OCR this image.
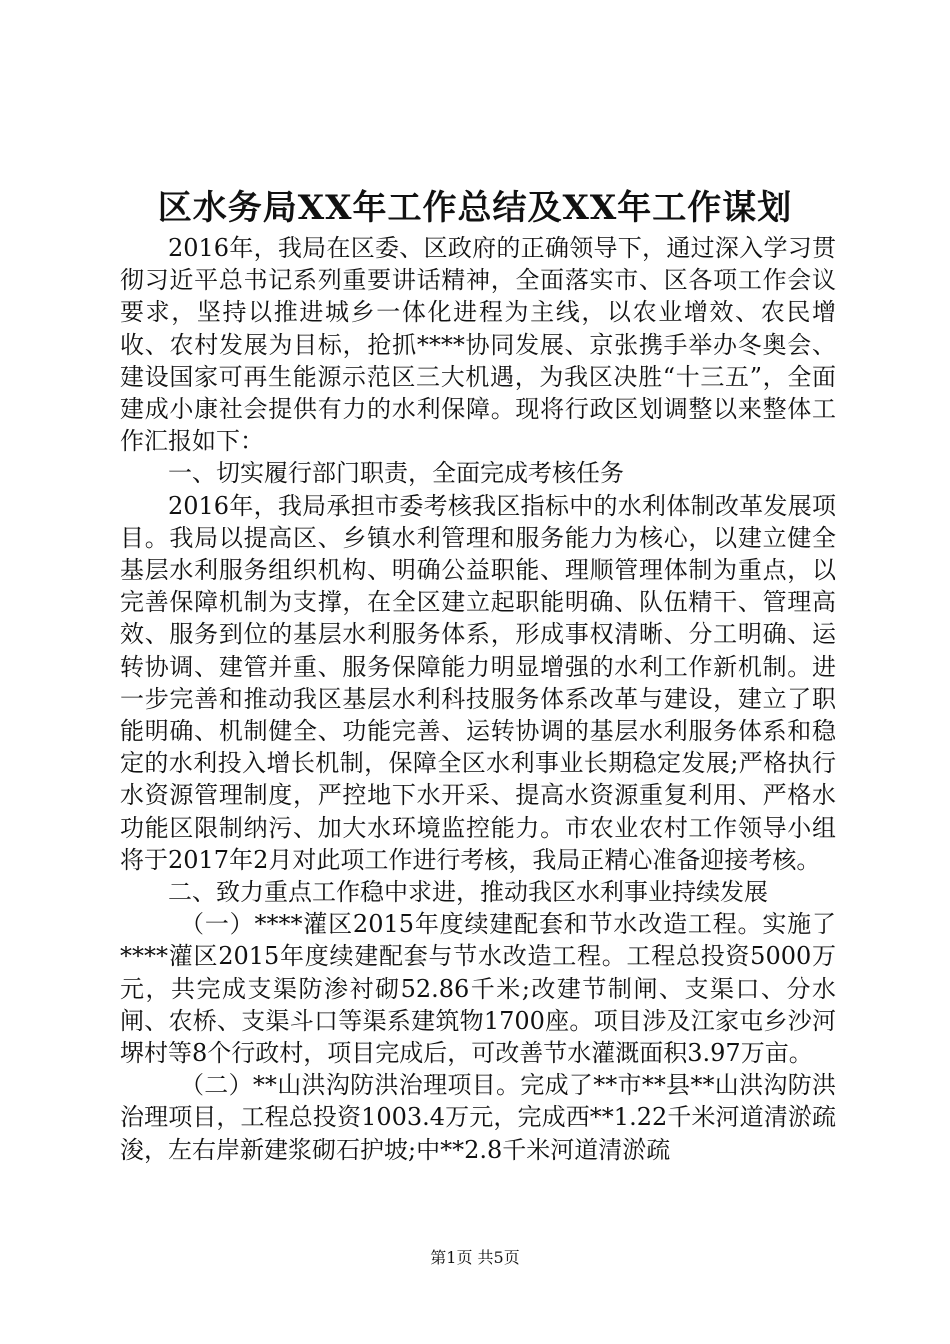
区水务局XX年工作总结及XX年工作谋划

2016年，我局在区委、区政府的正确领导下，通过深入学习贯彻习近平总书记系列重要讲话精神，全面落实市、区各项工作会议要求，坚持以推进城乡一体化进程为主线，以农业增效、农民增收、农村发展为目标，抢抓****协同发展、京张携手举办冬奥会、建设国家可再生能源示范区三大机遇，为我区决胜“十三五”，全面建成小康社会提供有力的水利保障。现将行政区划调整以来整体工作汇报如下：

一、切实履行部门职责，全面完成考核任务

2016年，我局承担市委考核我区指标中的水利体制改革发展项目。我局以提高区、乡镇水利管理和服务能力为核心，以建立健全基层水利服务组织机构、明确公益职能、理顺管理体制为重点，以完善保障机制为支撑，在全区建立起职能明确、队伍精干、管理高效、服务到位的基层水利服务体系，形成事权清晰、分工明确、运转协调、建管并重、服务保障能力明显增强的水利工作新机制。进一步完善和推动我区基层水利科技服务体系改革与建设，建立了职能明确、机制健全、功能完善、运转协调的基层水利服务体系和稳定的水利投入增长机制，保障全区水利事业长期稳定发展;严格执行水资源管理制度，严控地下水开采、提高水资源重复利用、严格水功能区限制纳污、加大水环境监控能力。市农业农村工作领导小组将于2017年2月对此项工作进行考核，我局正精心准备迎接考核。

二、致力重点工作稳中求进，推动我区水利事业持续发展

（一）****灌区2015年度续建配套和节水改造工程。实施了****灌区2015年度续建配套与节水改造工程。工程总投资5000万元，共完成支渠防渗衬砌52.86千米;改建节制闸、支渠口、分水闸、农桥、支渠斗口等渠系建筑物1700座。项目涉及江家屯乡沙河堺村等8个行政村，项目完成后，可改善节水灌溉面积3.97万亩。

（二）**山洪沟防洪治理项目。完成了**市**县**山洪沟防洪治理项目，工程总投资1003.4万元，完成西**1.22千米河道清淤疏浚，左右岸新建浆砌石护坡;中**2.8千米河道清淤疏

第1页 共5页
